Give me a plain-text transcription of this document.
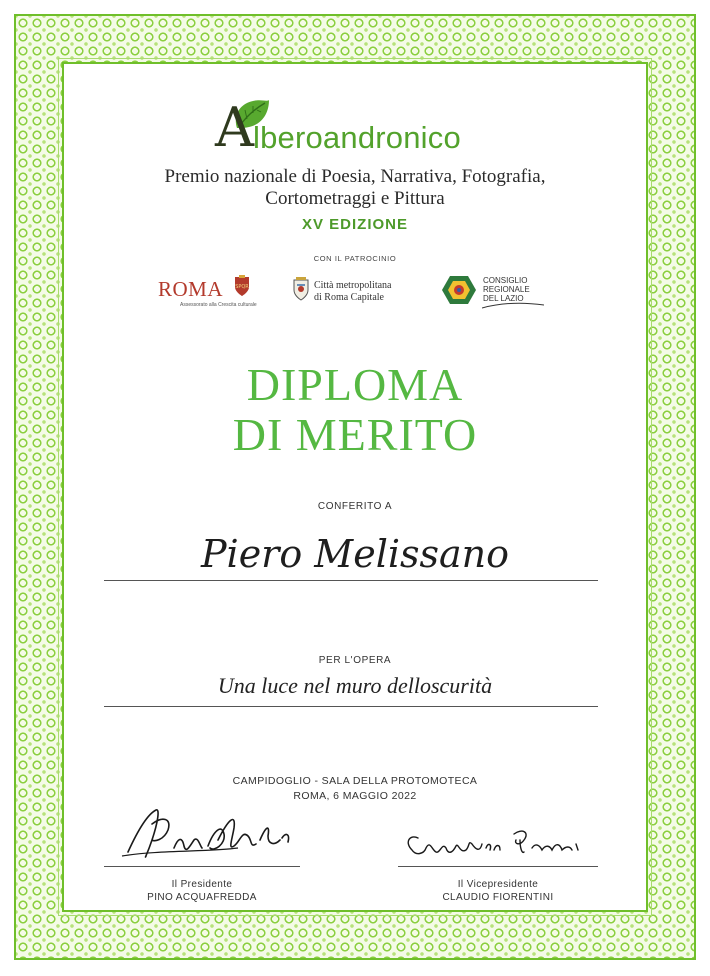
A lberoandronico
Premio nazionale di Poesia, Narrativa, Fotografia,
Cortometraggi e Pittura
XV EDIZIONE
CON IL PATROCINIO
ROMA SPQR
Assessorato alla Crescita culturale
Città metropolitana
di Roma Capitale
CONSIGLIO
REGIONALE
DEL LAZIO
DIPLOMA
DI MERITO
CONFERITO A
Piero Melissano
PER L'OPERA
Una luce nel muro delloscurità
CAMPIDOGLIO - SALA DELLA PROTOMOTECA
ROMA, 6 MAGGIO 2022
Il Presidente
PINO ACQUAFREDDA
Il Vicepresidente
CLAUDIO FIORENTINI
